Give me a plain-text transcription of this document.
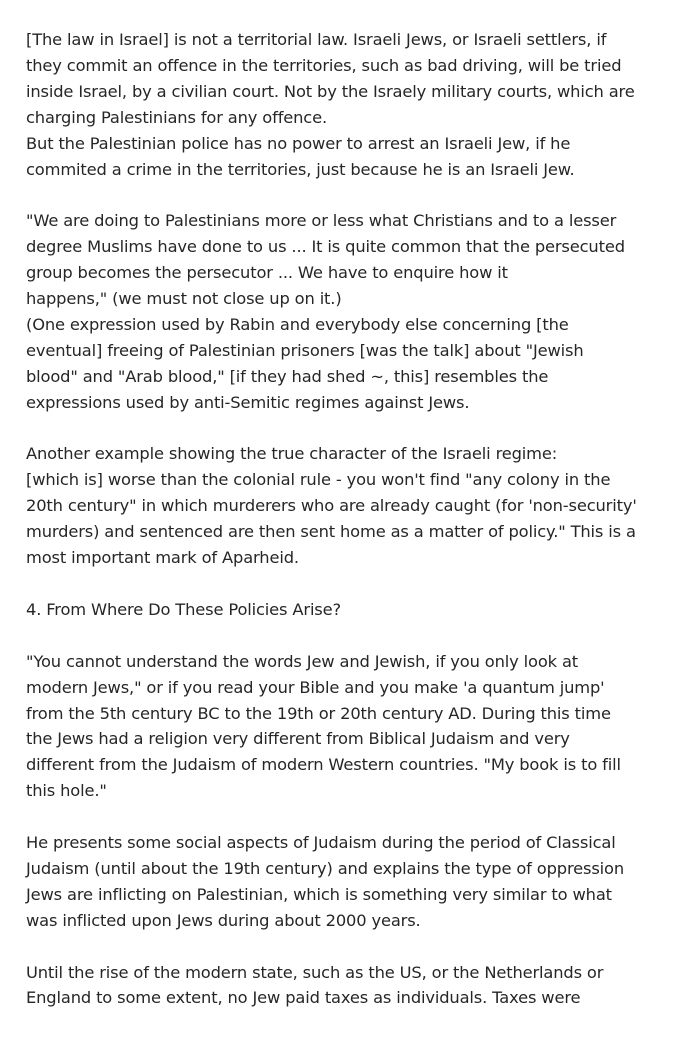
[The law in Israel] is not a territorial law. Israeli Jews, or Israeli settlers, if
they commit an offence in the territories, such as bad driving, will be tried
inside Israel, by a civilian court. Not by the Israely military courts, which are
charging Palestinians for any offence.
But the Palestinian police has no power to arrest an Israeli Jew, if he
commited a crime in the territories, just because he is an Israeli Jew.
"We are doing to Palestinians more or less what Christians and to a lesser
degree Muslims have done to us ... It is quite common that the persecuted
group becomes the persecutor ... We have to enquire how it
happens," (we must not close up on it.)
(One expression used by Rabin and everybody else concerning [the
eventual] freeing of Palestinian prisoners [was the talk] about "Jewish
blood" and "Arab blood," [if they had shed ~, this] resembles the
expressions used by anti-Semitic regimes against Jews.
Another example showing the true character of the Israeli regime:
[which is] worse than the colonial rule - you won't find "any colony in the
20th century" in which murderers who are already caught (for 'non-security'
murders) and sentenced are then sent home as a matter of policy." This is a
most important mark of Aparheid.
4. From Where Do These Policies Arise?
"You cannot understand the words Jew and Jewish, if you only look at
modern Jews," or if you read your Bible and you make 'a quantum jump'
from the 5th century BC to the 19th or 20th century AD. During this time
the Jews had a religion very different from Biblical Judaism and very
different from the Judaism of modern Western countries. "My book is to fill
this hole."
He presents some social aspects of Judaism during the period of Classical
Judaism (until about the 19th century) and explains the type of oppression
Jews are inflicting on Palestinian, which is something very similar to what
was inflicted upon Jews during about 2000 years.
Until the rise of the modern state, such as the US, or the Netherlands or
England to some extent, no Jew paid taxes as individuals. Taxes were
